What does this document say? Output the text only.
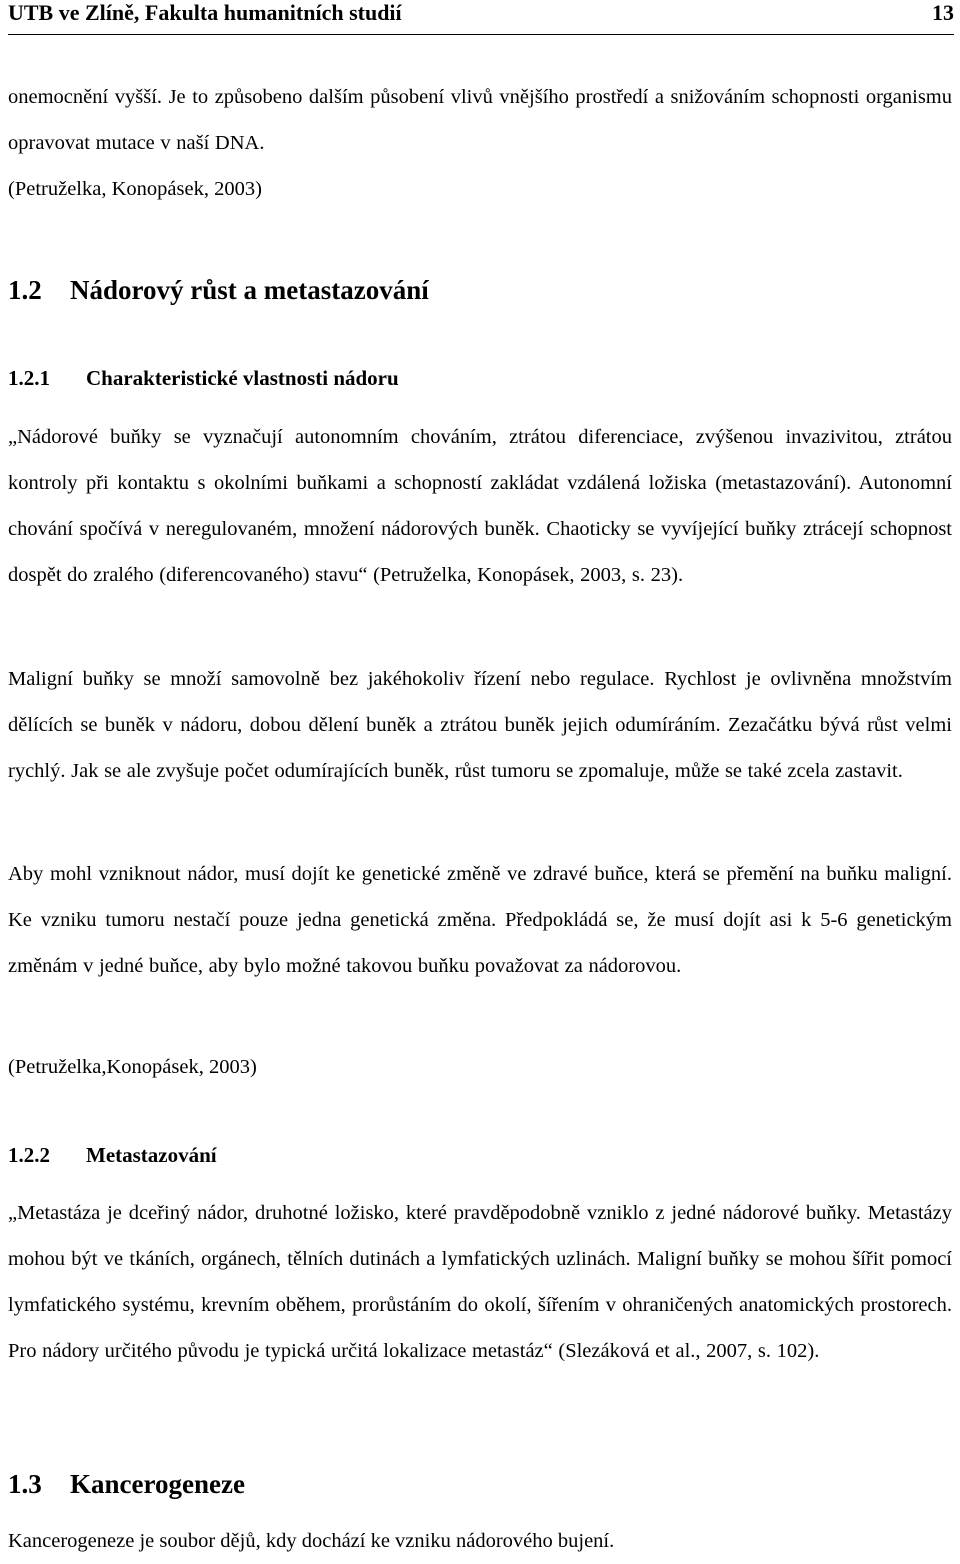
UTB ve Zlíně, Fakulta humanitních studií	13

onemocnění vyšší. Je to způsobeno dalším působení vlivů vnějšího prostředí a snižováním schopnosti organismu opravovat mutace v naší DNA.

(Petruželka, Konopásek, 2003)

1.2 Nádorový růst a metastazování
1.2.1 Charakteristické vlastnosti nádoru

„Nádorové buňky se vyznačují autonomním chováním, ztrátou diferenciace, zvýšenou invazivitou, ztrátou kontroly při kontaktu s okolními buňkami a schopností zakládat vzdálená ložiska (metastazování). Autonomní chování spočívá v neregulovaném, množení nádorových buněk. Chaoticky se vyvíjející buňky ztrácejí schopnost dospět do zralého (diferencovaného) stavu“ (Petruželka, Konopásek, 2003, s. 23).

Maligní buňky se množí samovolně bez jakéhokoliv řízení nebo regulace. Rychlost je ovlivněna množstvím dělících se buněk v nádoru, dobou dělení buněk a ztrátou buněk jejich odumíráním. Zezačátku bývá růst velmi rychlý. Jak se ale zvyšuje počet odumírajících buněk, růst tumoru se zpomaluje, může se také zcela zastavit.

Aby mohl vzniknout nádor, musí dojít ke genetické změně ve zdravé buňce, která se přemění na buňku maligní. Ke vzniku tumoru nestačí pouze jedna genetická změna. Předpokládá se, že musí dojít asi k 5-6 genetickým změnám v jedné buňce, aby bylo možné takovou buňku považovat za nádorovou.

(Petruželka,Konopásek, 2003)

1.2.2 Metastazování

„Metastáza je dceřiný nádor, druhotné ložisko, které pravděpodobně vzniklo z jedné nádorové buňky. Metastázy mohou být ve tkáních, orgánech, tělních dutinách a lymfatických uzlinách. Maligní buňky se mohou šířit pomocí lymfatického systému, krevním oběhem, prorůstáním do okolí, šířením v ohraničených anatomických prostorech. Pro nádory určitého původu je typická určitá lokalizace metastáz“ (Slezáková et al., 2007, s. 102).

1.3 Kancerogeneze

Kancerogeneze je soubor dějů, kdy dochází ke vzniku nádorového bujení.
